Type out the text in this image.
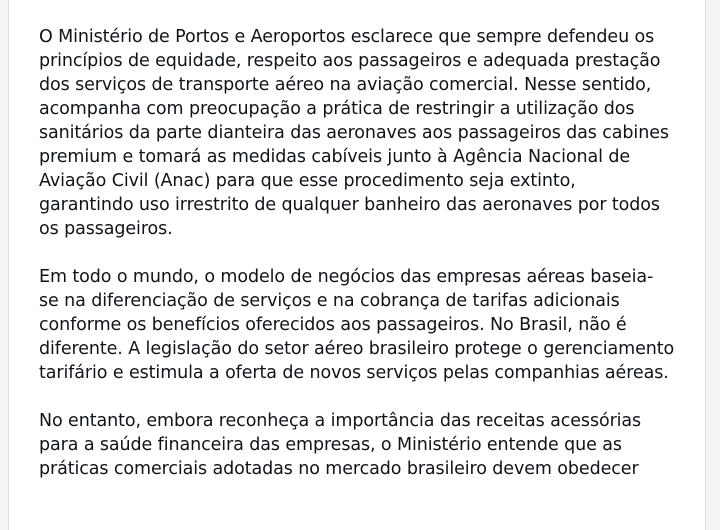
O Ministério de Portos e Aeroportos esclarece que sempre defendeu os
princípios de equidade, respeito aos passageiros e adequada prestação
dos serviços de transporte aéreo na aviação comercial. Nesse sentido,
acompanha com preocupação a prática de restringir a utilização dos
sanitários da parte dianteira das aeronaves aos passageiros das cabines
premium e tomará as medidas cabíveis junto à Agência Nacional de
Aviação Civil (Anac) para que esse procedimento seja extinto,
garantindo uso irrestrito de qualquer banheiro das aeronaves por todos
os passageiros.

Em todo o mundo, o modelo de negócios das empresas aéreas baseia-
se na diferenciação de serviços e na cobrança de tarifas adicionais
conforme os benefícios oferecidos aos passageiros. No Brasil, não é
diferente. A legislação do setor aéreo brasileiro protege o gerenciamento
tarifário e estimula a oferta de novos serviços pelas companhias aéreas.

No entanto, embora reconheça a importância das receitas acessórias
para a saúde financeira das empresas, o Ministério entende que as
práticas comerciais adotadas no mercado brasileiro devem obedecer
